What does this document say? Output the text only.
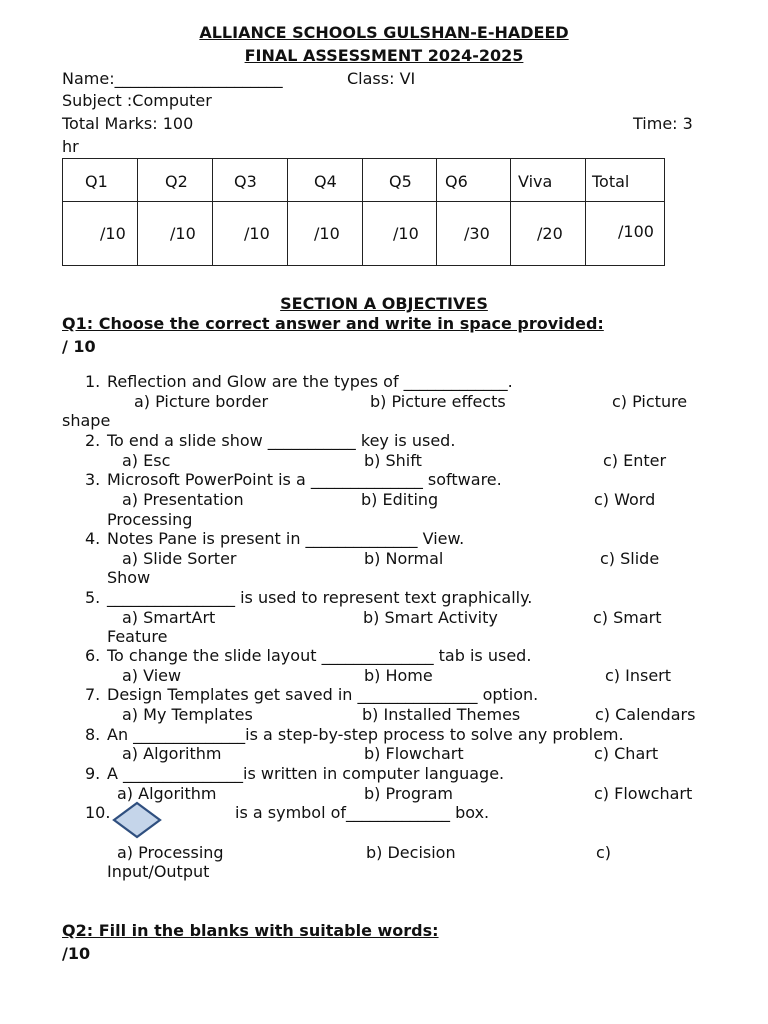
ALLIANCE SCHOOLS GULSHAN-E-HADEED
FINAL ASSESSMENT 2024-2025
Name:_____________________	Class: VI
Subject :Computer
Total Marks: 100	Time: 3
hr
Q1	Q2	Q3	Q4	Q5	Q6	Viva	Total
/10	/10	/10	/10	/10	/30	/20	/100
SECTION A OBJECTIVES
Q1: Choose the correct answer and write in space provided:
/ 10
1. Reflection and Glow are the types of _____________.
a) Picture border	b) Picture effects	c) Picture
shape
2. To end a slide show ___________ key is used.
a) Esc	b) Shift	c) Enter
3. Microsoft PowerPoint is a ______________ software.
a) Presentation	b) Editing	c) Word
Processing
4. Notes Pane is present in ______________ View.
a) Slide Sorter	b) Normal	c) Slide
Show
5. ________________ is used to represent text graphically.
a) SmartArt	b) Smart Activity	c) Smart
Feature
6. To change the slide layout ______________ tab is used.
a) View	b) Home	c) Insert
7. Design Templates get saved in _______________ option.
a) My Templates	b) Installed Themes	c) Calendars
8. An ______________is a step-by-step process to solve any problem.
a) Algorithm	b) Flowchart	c) Chart
9. A _______________is written in computer language.
a) Algorithm	b) Program	c) Flowchart
10.	is a symbol of_____________ box.
a) Processing	b) Decision	c)
Input/Output
Q2: Fill in the blanks with suitable words:
/10
